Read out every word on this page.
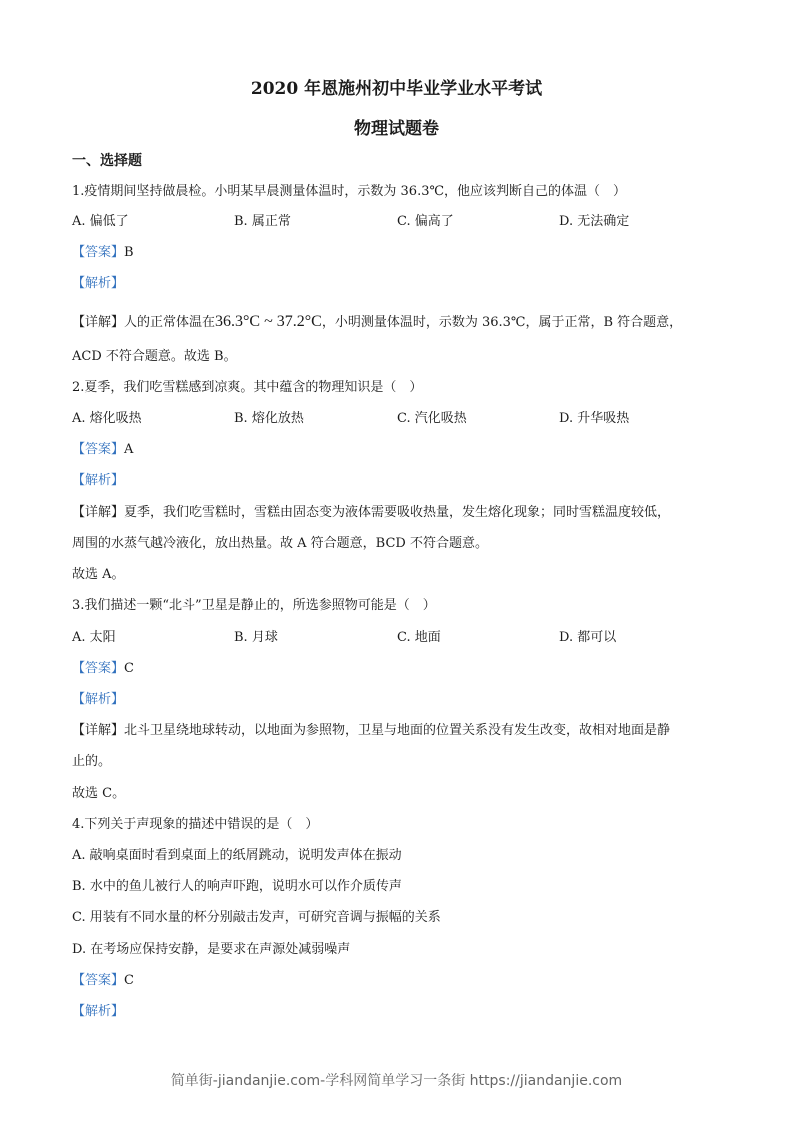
2020 年恩施州初中毕业学业水平考试
物理试题卷
一、选择题
1.疫情期间坚持做晨检。小明某早晨测量体温时，示数为 36.3℃，他应该判断自己的体温（　）
A. 偏低了	B. 属正常	C. 偏高了	D. 无法确定
【答案】B
【解析】
【详解】人的正常体温在36.3°C ~ 37.2°C，小明测量体温时，示数为 36.3℃，属于正常，B 符合题意，
ACD 不符合题意。故选 B。
2.夏季，我们吃雪糕感到凉爽。其中蕴含的物理知识是（　）
A. 熔化吸热	B. 熔化放热	C. 汽化吸热	D. 升华吸热
【答案】A
【解析】
【详解】夏季，我们吃雪糕时，雪糕由固态变为液体需要吸收热量，发生熔化现象；同时雪糕温度较低，
周围的水蒸气越冷液化，放出热量。故 A 符合题意，BCD 不符合题意。
故选 A。
3.我们描述一颗“北斗”卫星是静止的，所选参照物可能是（　）
A. 太阳	B. 月球	C. 地面	D. 都可以
【答案】C
【解析】
【详解】北斗卫星绕地球转动，以地面为参照物，卫星与地面的位置关系没有发生改变，故相对地面是静
止的。
故选 C。
4.下列关于声现象的描述中错误的是（　）
A. 敲响桌面时看到桌面上的纸屑跳动，说明发声体在振动
B. 水中的鱼儿被行人的响声吓跑，说明水可以作介质传声
C. 用装有不同水量的杯分别敲击发声，可研究音调与振幅的关系
D. 在考场应保持安静，是要求在声源处减弱噪声
【答案】C
【解析】
简单街-jiandanjie.com-学科网简单学习一条街 https://jiandanjie.com
